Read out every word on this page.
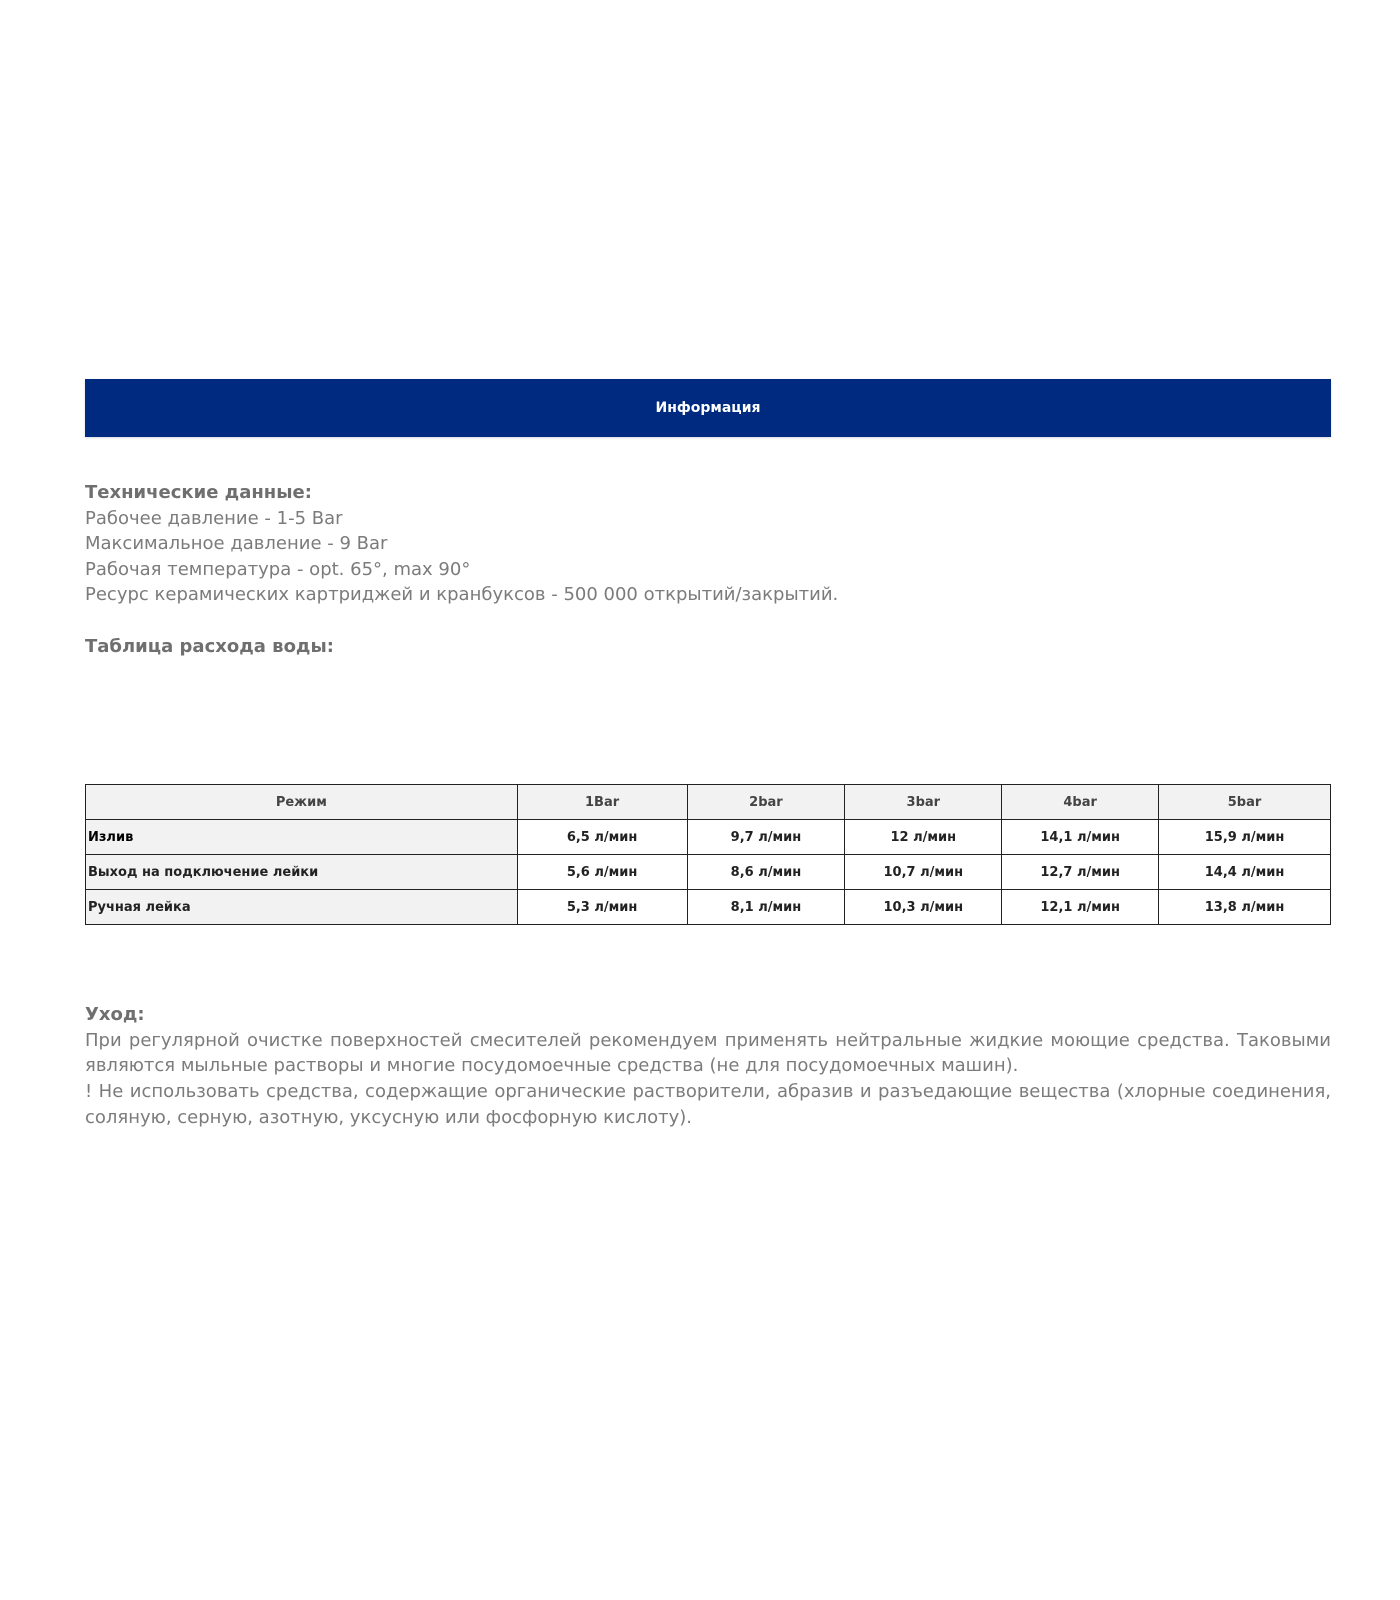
Информация
Технические данные:
Рабочее давление - 1-5 Bar
Максимальное давление - 9 Bar
Рабочая температура - opt. 65°, max 90°
Ресурс керамических картриджей и кранбуксов - 500 000 открытий/закрытий.
Таблица расхода воды:
Режим	1Bar	2bar	3bar	4bar	5bar
Излив	6,5 л/мин	9,7 л/мин	12 л/мин	14,1 л/мин	15,9 л/мин
Выход на подключение лейки	5,6 л/мин	8,6 л/мин	10,7 л/мин	12,7 л/мин	14,4 л/мин
Ручная лейка	5,3 л/мин	8,1 л/мин	10,3 л/мин	12,1 л/мин	13,8 л/мин
Уход:

При регулярной очистке поверхностей смесителей рекомендуем применять нейтральные жидкие моющие средства. Таковыми являются мыльные растворы и многие посудомоечные средства (не для посудомоечных машин).

! Не использовать средства, содержащие органические растворители, абразив и разъедающие вещества (хлорные соединения, соляную, серную, азотную, уксусную или фосфорную кислоту).
